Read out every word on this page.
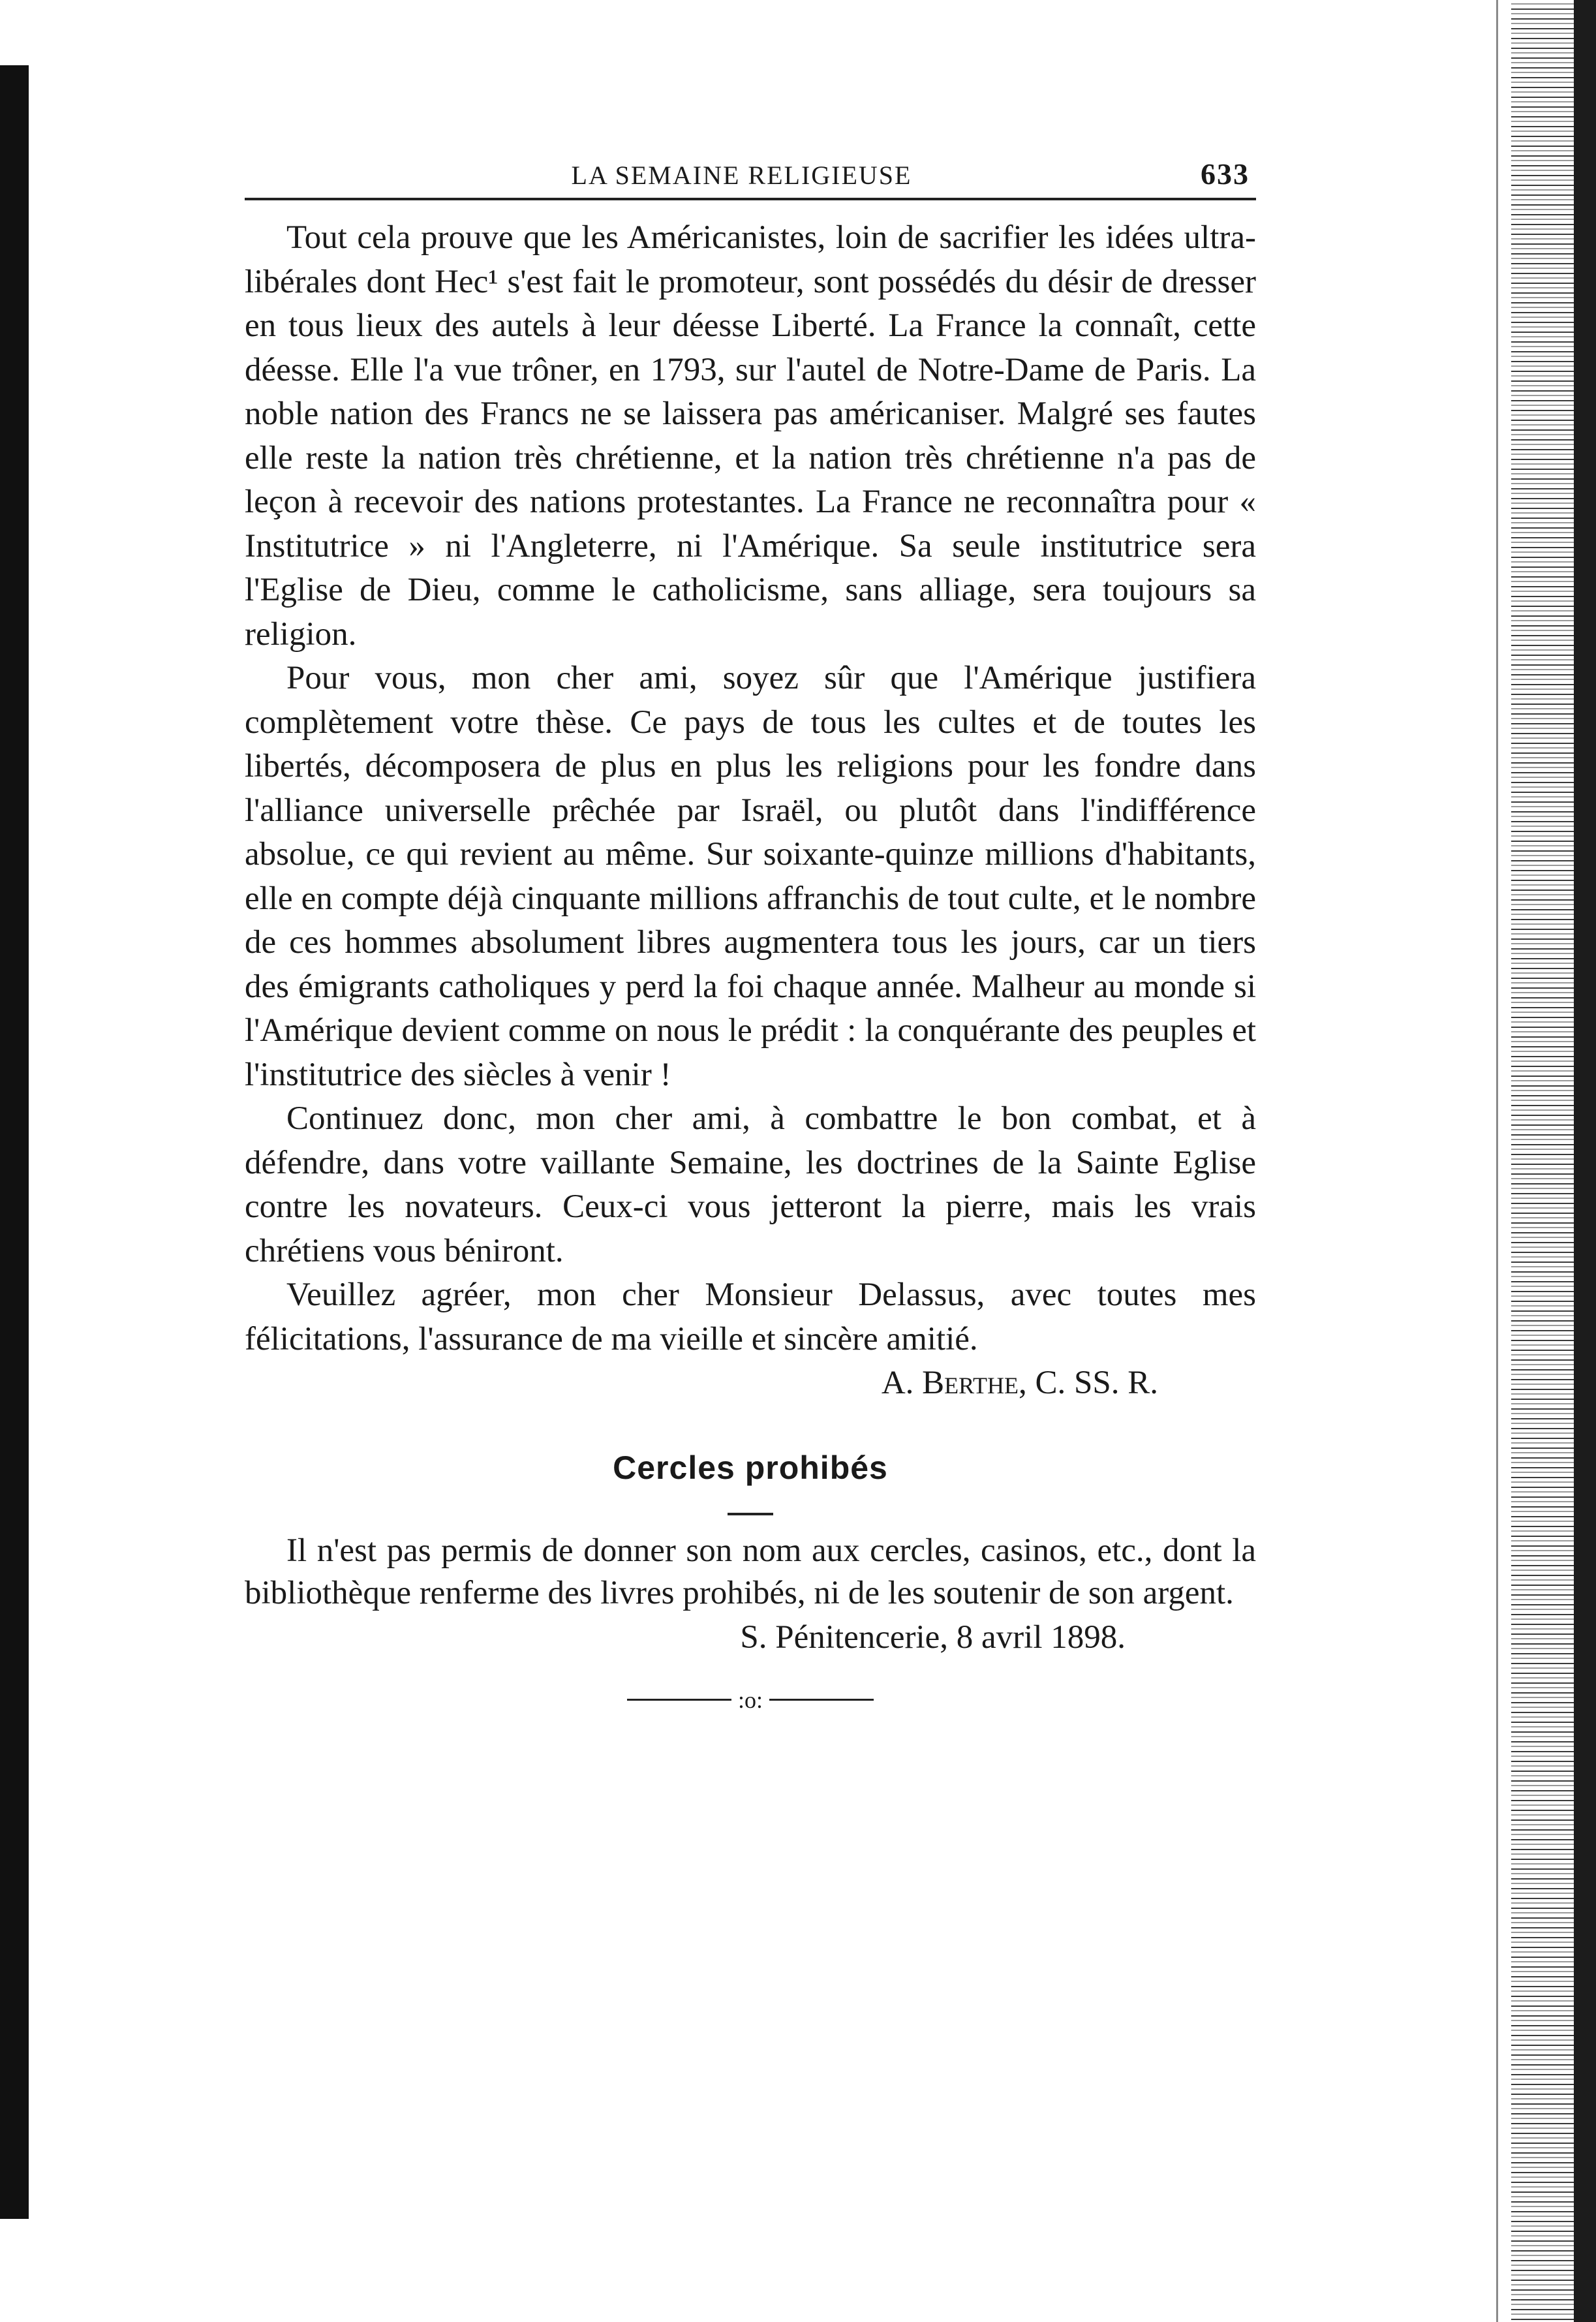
LA SEMAINE RELIGIEUSE	633

Tout cela prouve que les Américanistes, loin de sacrifier les idées ultra-libérales dont Hec¹ s'est fait le promoteur, sont possédés du désir de dresser en tous lieux des autels à leur déesse Liberté. La France la connaît, cette déesse. Elle l'a vue trôner, en 1793, sur l'autel de Notre-Dame de Paris. La noble nation des Francs ne se laissera pas américaniser. Malgré ses fautes elle reste la nation très chrétienne, et la nation très chrétienne n'a pas de leçon à recevoir des nations protestantes. La France ne reconnaîtra pour « Institutrice » ni l'Angleterre, ni l'Amérique. Sa seule institutrice sera l'Eglise de Dieu, comme le catholicisme, sans alliage, sera toujours sa religion.

Pour vous, mon cher ami, soyez sûr que l'Amérique justifiera complètement votre thèse. Ce pays de tous les cultes et de toutes les libertés, décomposera de plus en plus les religions pour les fondre dans l'alliance universelle prêchée par Israël, ou plutôt dans l'indifférence absolue, ce qui revient au même. Sur soixante-quinze millions d'habitants, elle en compte déjà cinquante millions affranchis de tout culte, et le nombre de ces hommes absolument libres augmentera tous les jours, car un tiers des émigrants catholiques y perd la foi chaque année. Malheur au monde si l'Amérique devient comme on nous le prédit : la conquérante des peuples et l'institutrice des siècles à venir !

Continuez donc, mon cher ami, à combattre le bon combat, et à défendre, dans votre vaillante Semaine, les doctrines de la Sainte Eglise contre les novateurs. Ceux-ci vous jetteront la pierre, mais les vrais chrétiens vous béniront.

Veuillez agréer, mon cher Monsieur Delassus, avec toutes mes félicitations, l'assurance de ma vieille et sincère amitié.

A. Berthe, C. SS. R.
Cercles prohibés

Il n'est pas permis de donner son nom aux cercles, casinos, etc., dont la bibliothèque renferme des livres prohibés, ni de les soutenir de son argent.

S. Pénitencerie, 8 avril 1898.
:o:
